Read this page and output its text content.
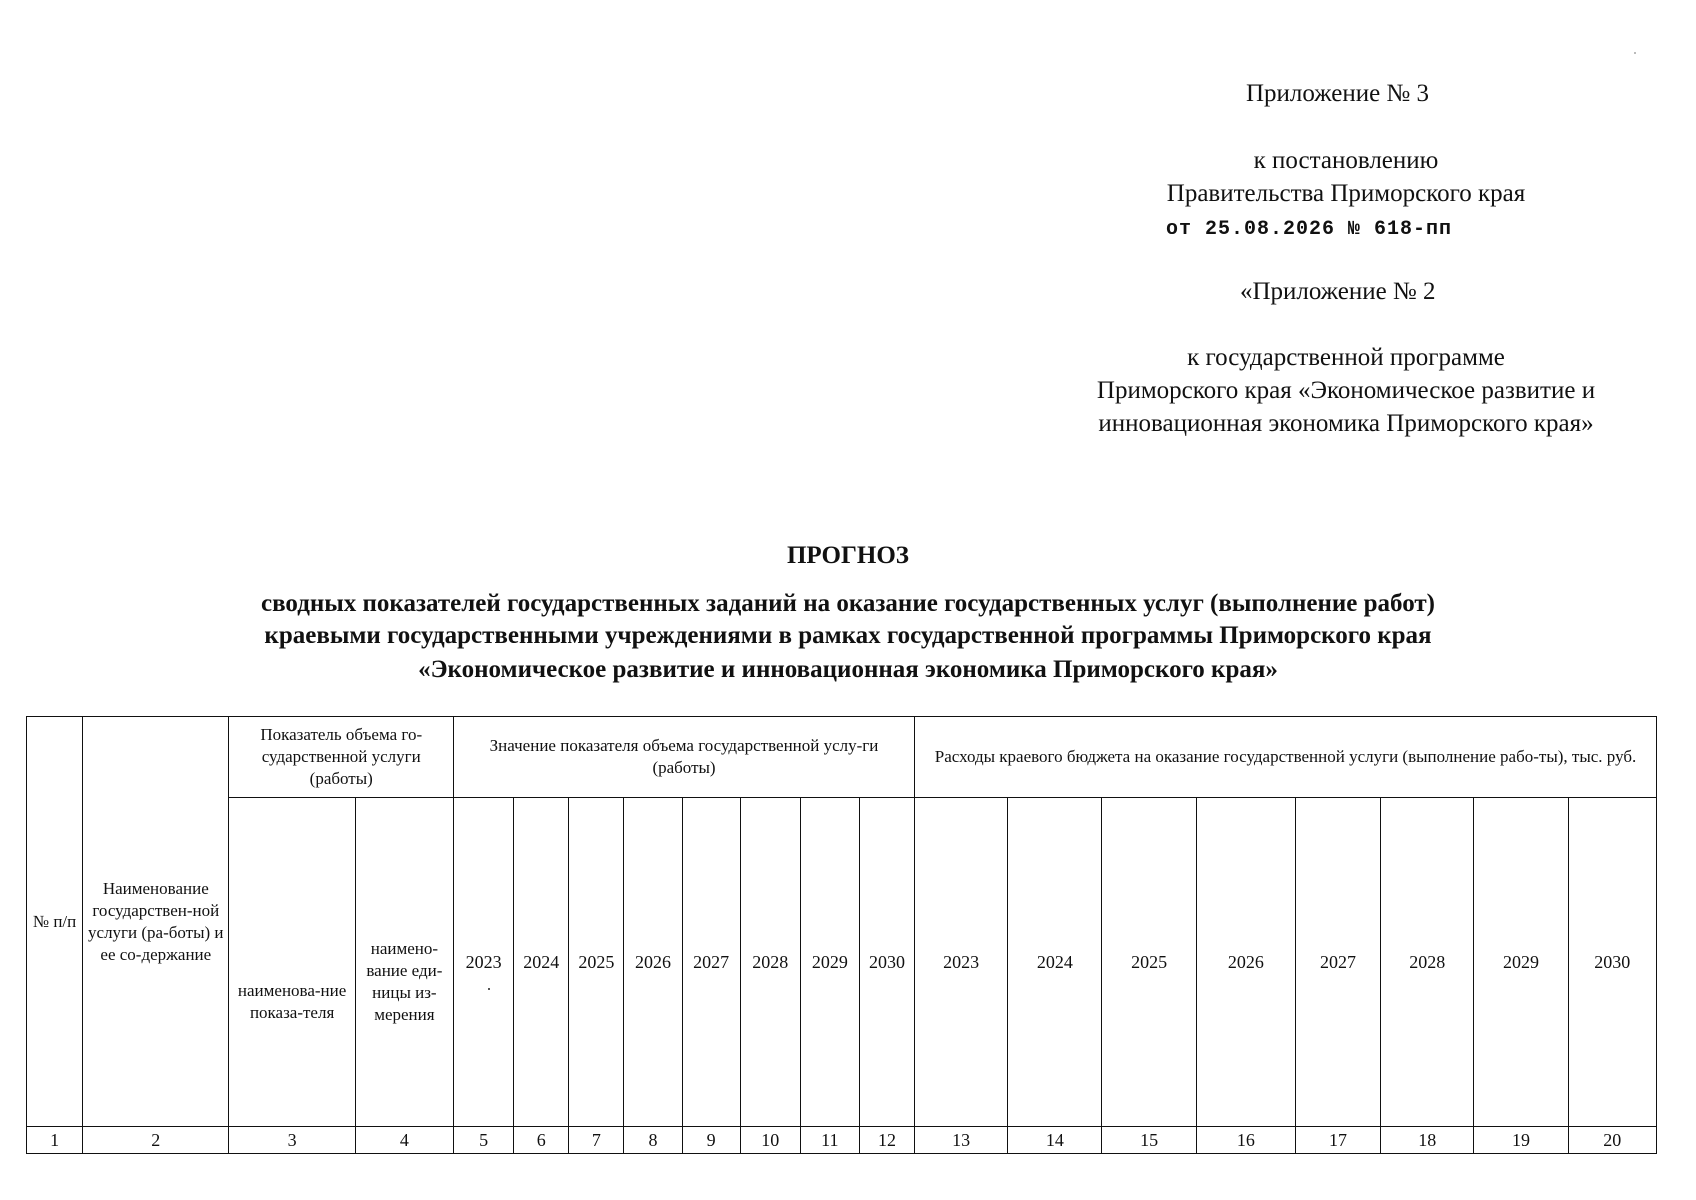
Приложение № 3
к постановлению
Правительства Приморского края
от 25.08.2026 № 618-пп
«Приложение № 2
к государственной программе
Приморского края «Экономическое развитие и
инновационная экономика Приморского края»
ПРОГНОЗ
сводных показателей государственных заданий на оказание государственных услуг (выполнение работ)
краевыми государственными учреждениями в рамках государственной программы Приморского края
«Экономическое развитие и инновационная экономика Приморского края»
№ п/п	Наименование государствен-ной услуги (ра-боты) и ее со-держание	Показатель объема го-сударственной услуги (работы)		Значение показателя объема государственной услу-ги (работы)								Расходы краевого бюджета на оказание государственной услуги (выполнение рабо-ты), тыс. руб.							
		наименова-ние показа-теля	наимено-вание еди-ницы из-мерения	2023	2024	2025	2026	2027	2028	2029	2030	2023	2024	2025	2026	2027	2028	2029	2030
1	2	3	4	5	6	7	8	9	10	11	12	13	14	15	16	17	18	19	20
